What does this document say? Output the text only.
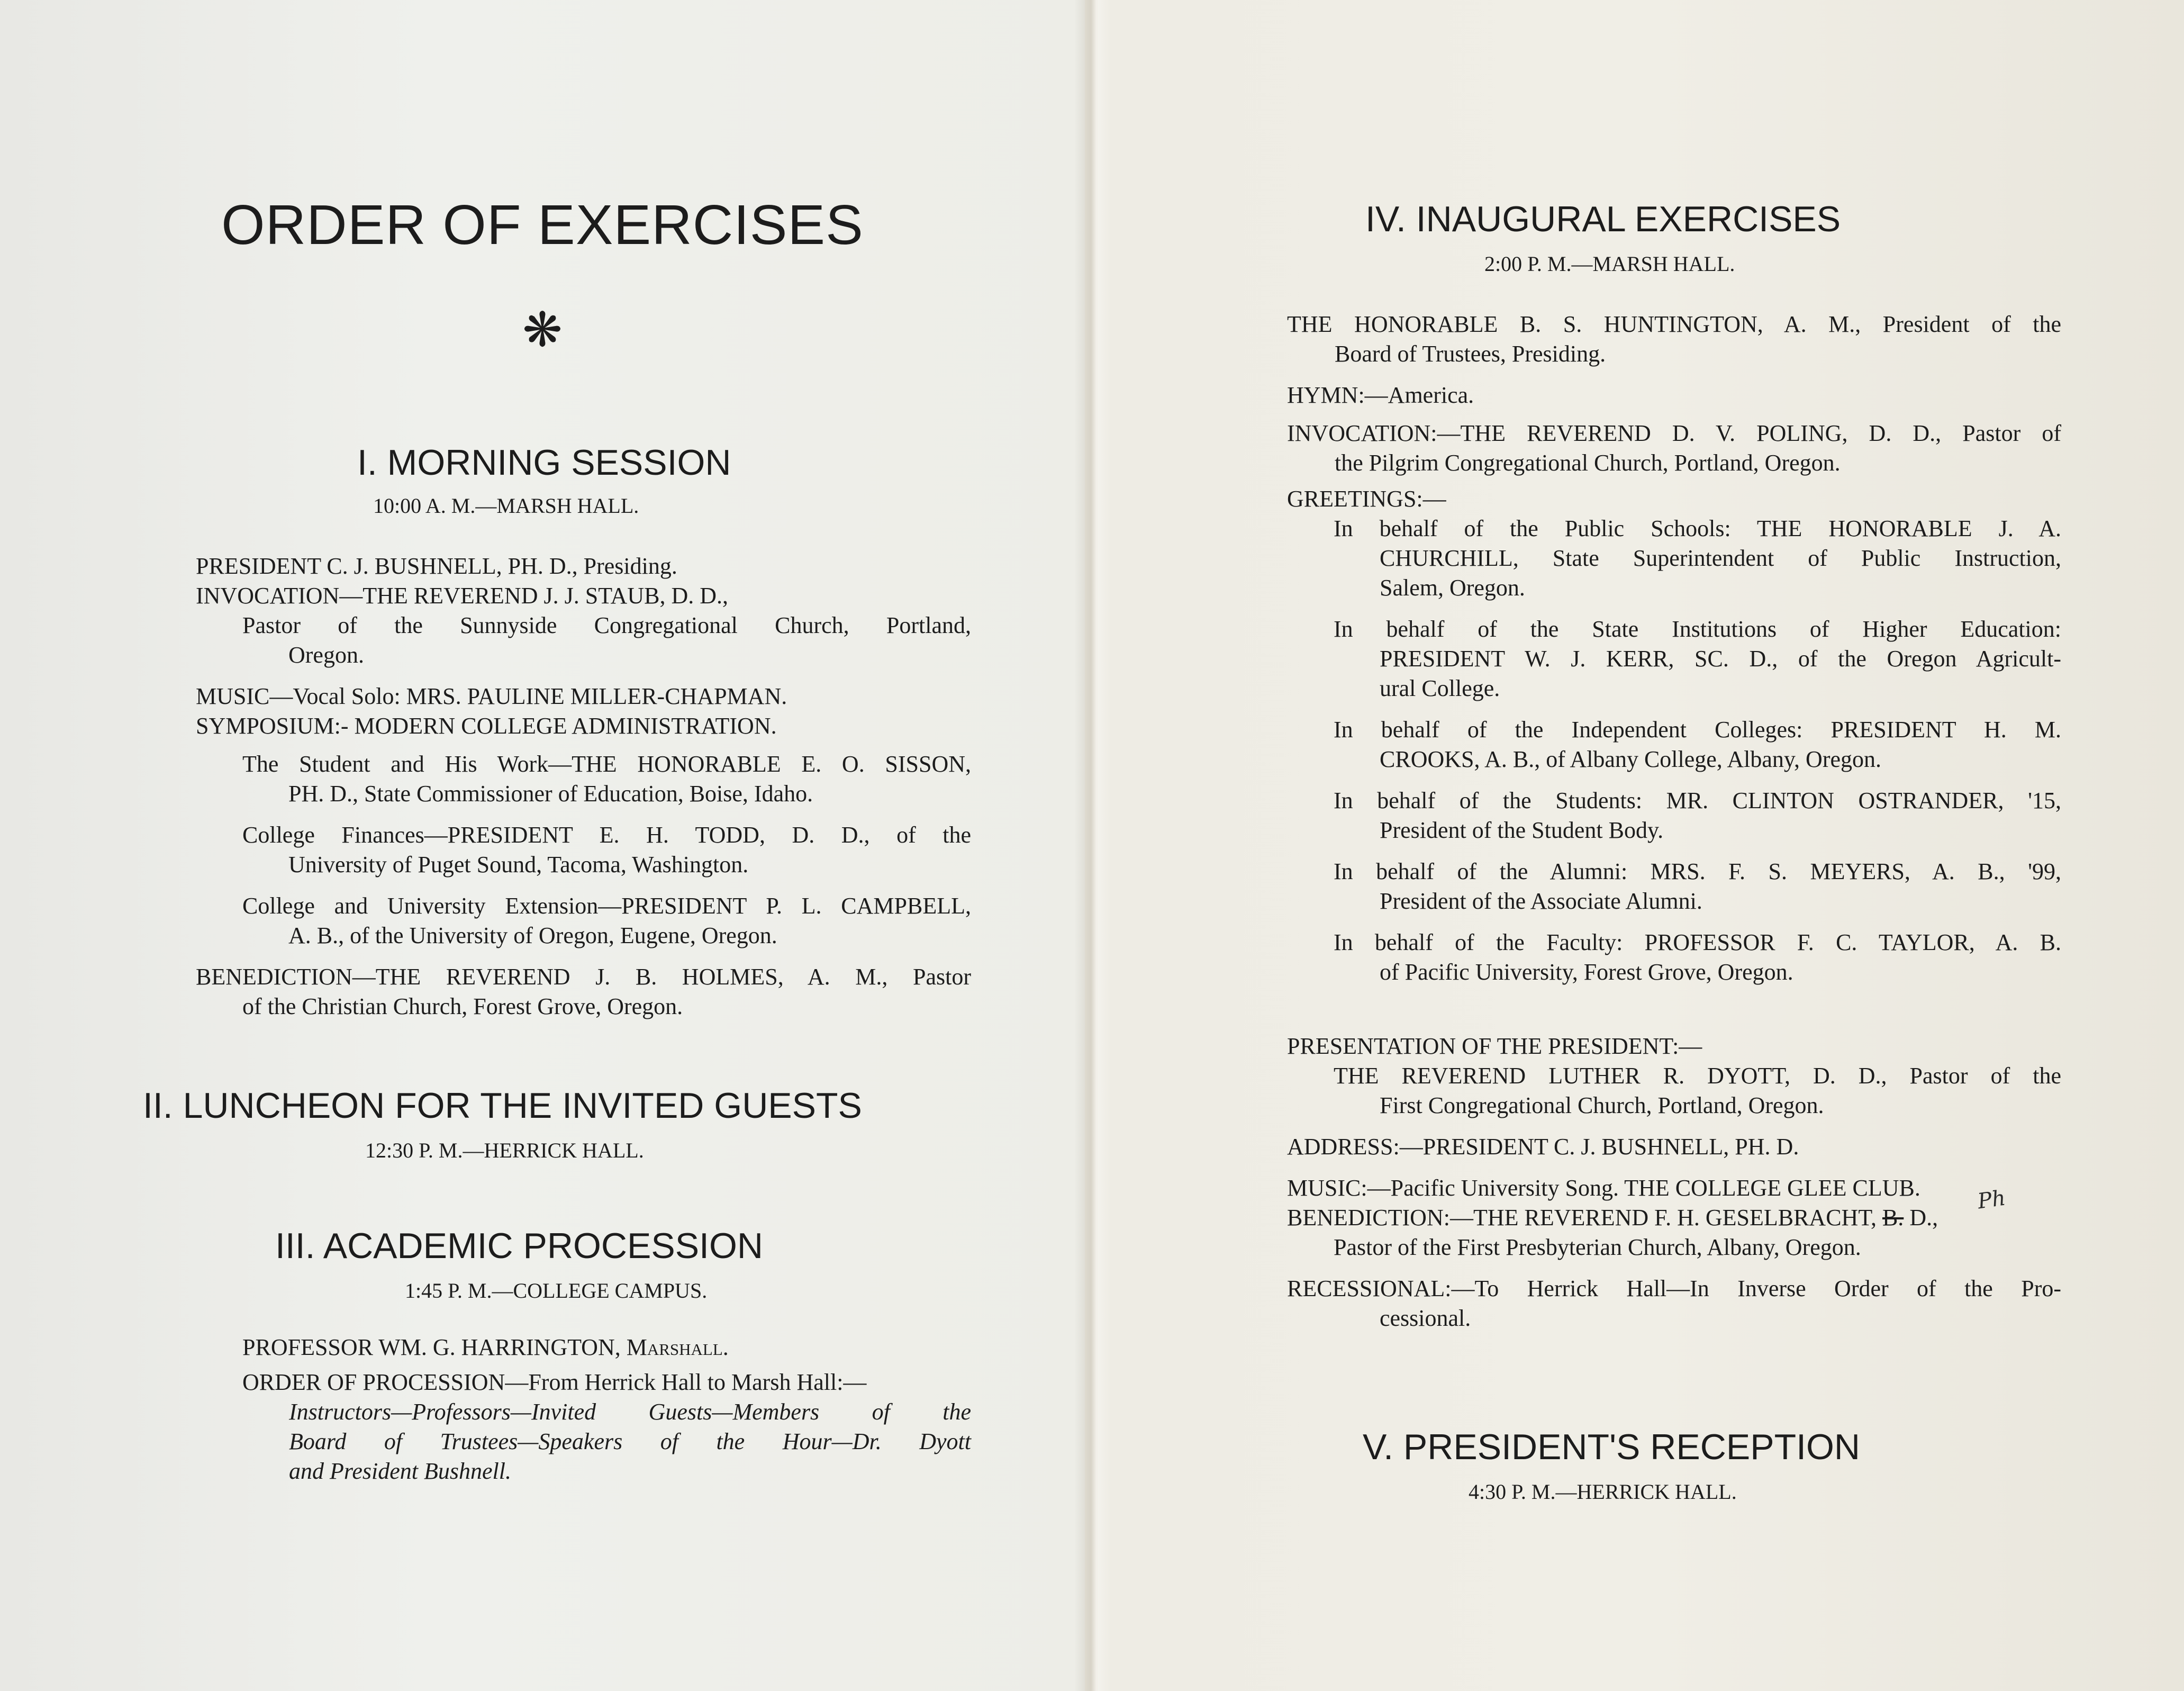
ORDER OF EXERCISES
❋
I. MORNING SESSION
10:00 A. M.—MARSH HALL.
PRESIDENT C. J. BUSHNELL, PH. D., Presiding.
INVOCATION—THE REVEREND J. J. STAUB, D. D.,
Pastor of the Sunnyside Congregational Church, Portland,
Oregon.
MUSIC—Vocal Solo: MRS. PAULINE MILLER-CHAPMAN.
SYMPOSIUM:- MODERN COLLEGE ADMINISTRATION.
The Student and His Work—THE HONORABLE E. O. SISSON,
PH. D., State Commissioner of Education, Boise, Idaho.
College Finances—PRESIDENT E. H. TODD, D. D., of the
University of Puget Sound, Tacoma, Washington.
College and University Extension—PRESIDENT P. L. CAMPBELL,
A. B., of the University of Oregon, Eugene, Oregon.
BENEDICTION—THE REVEREND J. B. HOLMES, A. M., Pastor
of the Christian Church, Forest Grove, Oregon.
II. LUNCHEON FOR THE INVITED GUESTS
12:30 P. M.—HERRICK HALL.
III. ACADEMIC PROCESSION
1:45 P. M.—COLLEGE CAMPUS.
PROFESSOR WM. G. HARRINGTON, Marshall.
ORDER OF PROCESSION—From Herrick Hall to Marsh Hall:—
Instructors—Professors—Invited Guests—Members of the
Board of Trustees—Speakers of the Hour—Dr. Dyott
and President Bushnell.
IV. INAUGURAL EXERCISES
2:00 P. M.—MARSH HALL.
THE HONORABLE B. S. HUNTINGTON, A. M., President of the
Board of Trustees, Presiding.
HYMN:—America.
INVOCATION:—THE REVEREND D. V. POLING, D. D., Pastor of
the Pilgrim Congregational Church, Portland, Oregon.
GREETINGS:—
In behalf of the Public Schools: THE HONORABLE J. A.
CHURCHILL, State Superintendent of Public Instruction,
Salem, Oregon.
In behalf of the State Institutions of Higher Education:
PRESIDENT W. J. KERR, SC. D., of the Oregon Agricult-
ural College.
In behalf of the Independent Colleges: PRESIDENT H. M.
CROOKS, A. B., of Albany College, Albany, Oregon.
In behalf of the Students: MR. CLINTON OSTRANDER, '15,
President of the Student Body.
In behalf of the Alumni: MRS. F. S. MEYERS, A. B., '99,
President of the Associate Alumni.
In behalf of the Faculty: PROFESSOR F. C. TAYLOR, A. B.
of Pacific University, Forest Grove, Oregon.
PRESENTATION OF THE PRESIDENT:—
THE REVEREND LUTHER R. DYOTT, D. D., Pastor of the
First Congregational Church, Portland, Oregon.
ADDRESS:—PRESIDENT C. J. BUSHNELL, PH. D.
MUSIC:—Pacific University Song. THE COLLEGE GLEE CLUB.
BENEDICTION:—THE REVEREND F. H. GESELBRACHT, B. D.,
Ph
Pastor of the First Presbyterian Church, Albany, Oregon.
RECESSIONAL:—To Herrick Hall—In Inverse Order of the Pro-
cessional.
V. PRESIDENT'S RECEPTION
4:30 P. M.—HERRICK HALL.
